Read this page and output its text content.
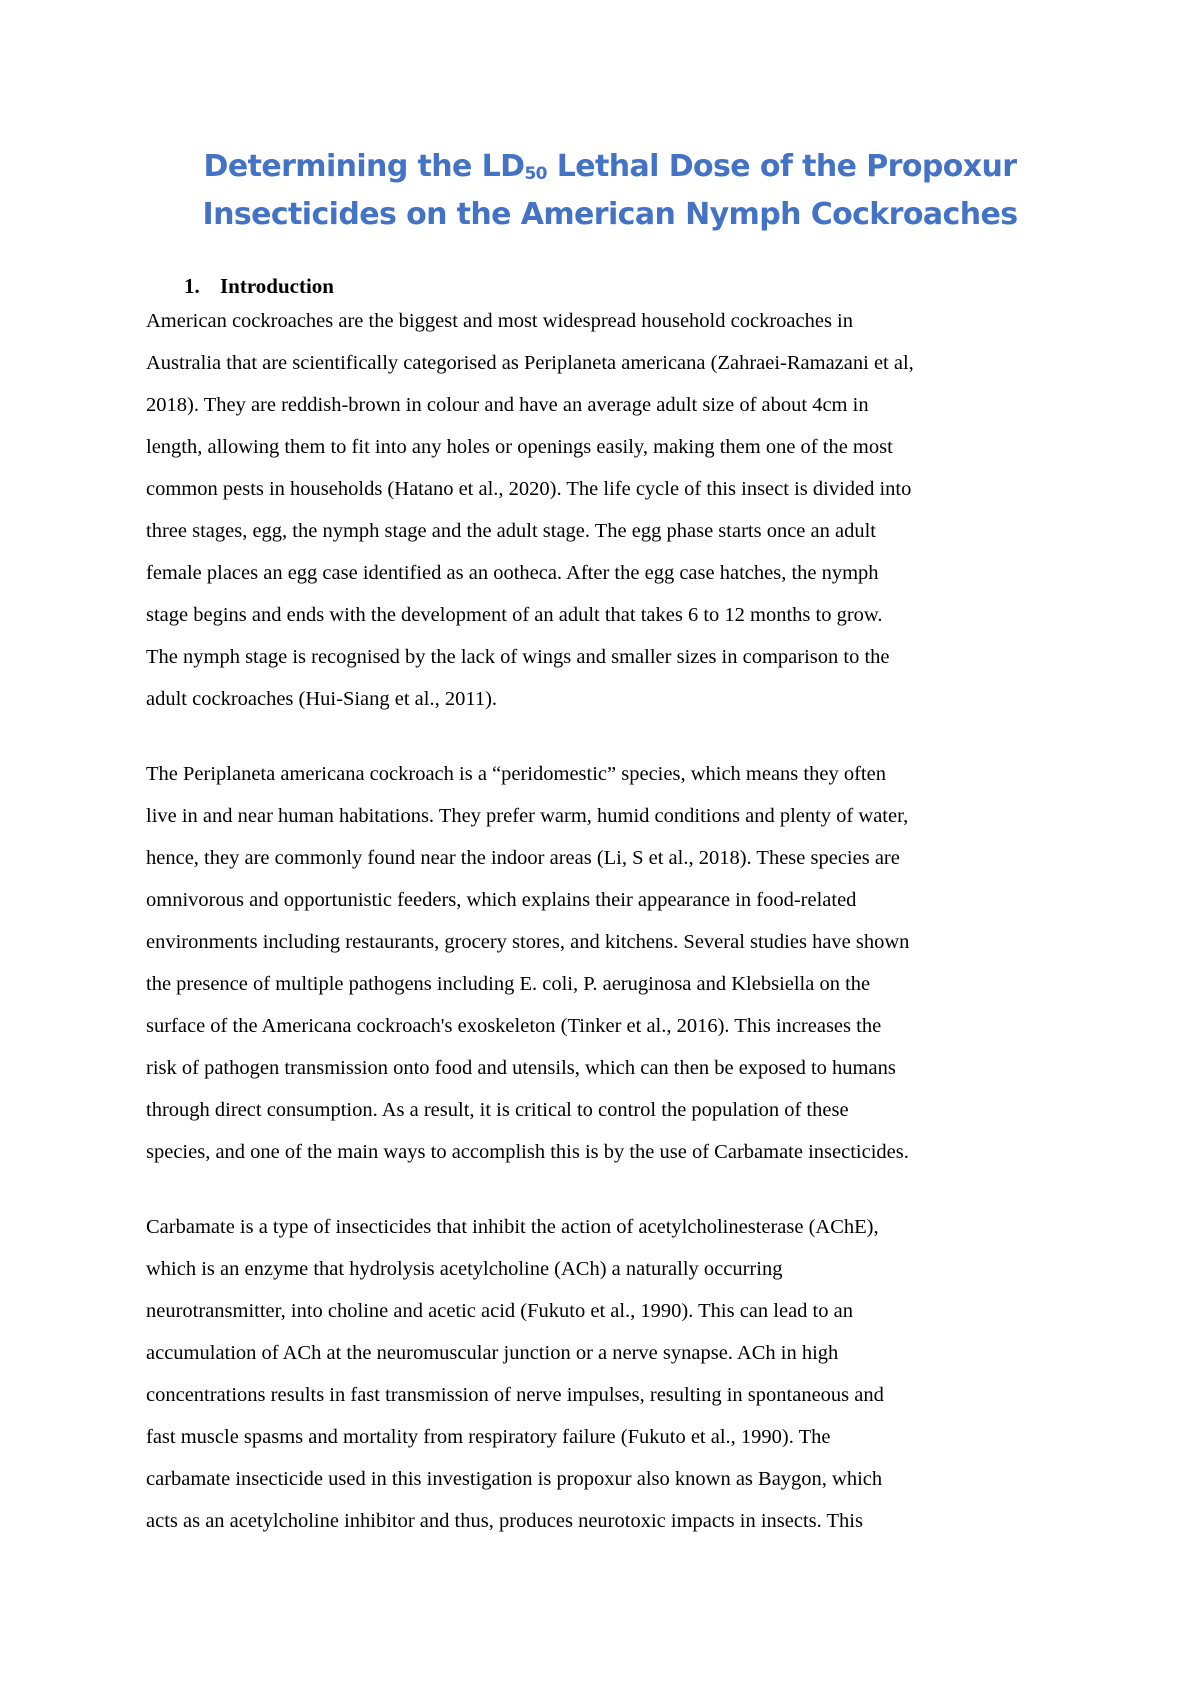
Determining the $LD_{50}$ Lethal Dose of the Propoxur
Insecticides on the American Nymph Cockroaches
1. Introduction
American cockroaches are the biggest and most widespread household cockroaches in
Australia that are scientifically categorised as Periplaneta americana (Zahraei-Ramazani et al,
2018). They are reddish-brown in colour and have an average adult size of about 4cm in
length, allowing them to fit into any holes or openings easily, making them one of the most
common pests in households (Hatano et al., 2020). The life cycle of this insect is divided into
three stages, egg, the nymph stage and the adult stage. The egg phase starts once an adult
female places an egg case identified as an ootheca. After the egg case hatches, the nymph
stage begins and ends with the development of an adult that takes 6 to 12 months to grow.
The nymph stage is recognised by the lack of wings and smaller sizes in comparison to the
adult cockroaches (Hui-Siang et al., 2011).
The Periplaneta americana cockroach is a “peridomestic” species, which means they often
live in and near human habitations. They prefer warm, humid conditions and plenty of water,
hence, they are commonly found near the indoor areas (Li, S et al., 2018). These species are
omnivorous and opportunistic feeders, which explains their appearance in food-related
environments including restaurants, grocery stores, and kitchens. Several studies have shown
the presence of multiple pathogens including E. coli, P. aeruginosa and Klebsiella on the
surface of the Americana cockroach's exoskeleton (Tinker et al., 2016). This increases the
risk of pathogen transmission onto food and utensils, which can then be exposed to humans
through direct consumption. As a result, it is critical to control the population of these
species, and one of the main ways to accomplish this is by the use of Carbamate insecticides.
Carbamate is a type of insecticides that inhibit the action of acetylcholinesterase (AChE),
which is an enzyme that hydrolysis acetylcholine (ACh) a naturally occurring
neurotransmitter, into choline and acetic acid (Fukuto et al., 1990). This can lead to an
accumulation of ACh at the neuromuscular junction or a nerve synapse. ACh in high
concentrations results in fast transmission of nerve impulses, resulting in spontaneous and
fast muscle spasms and mortality from respiratory failure (Fukuto et al., 1990). The
carbamate insecticide used in this investigation is propoxur also known as Baygon, which
acts as an acetylcholine inhibitor and thus, produces neurotoxic impacts in insects. This
